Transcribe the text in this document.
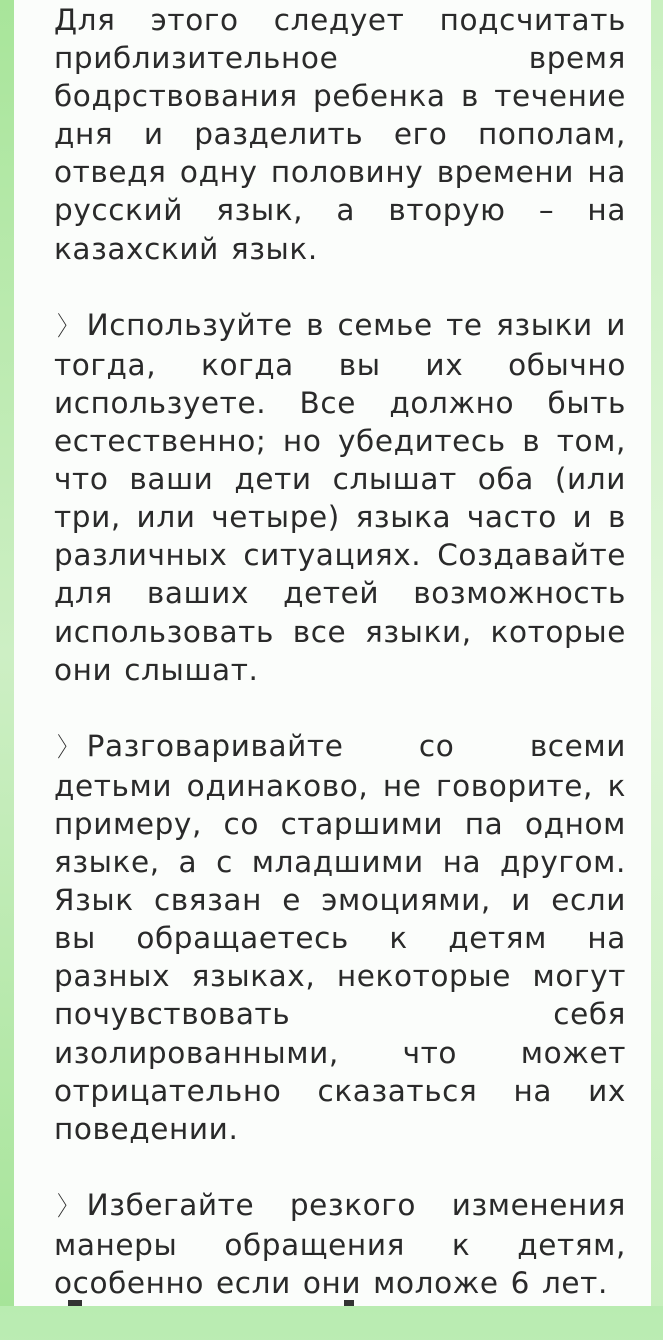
Для этого следует подсчитать приблизительное время бодрствования ребенка в течение дня и разделить его пополам, отведя одну половину времени на русский язык, а вторую – на казахский язык.

〉 Используйте в семье те языки и тогда, когда вы их обычно используете. Все должно быть естественно; но убедитесь в том, что ваши дети слышат оба (или три, или четыре) языка часто и в различных ситуациях. Создавайте для ваших детей возможность использовать все языки, которые они слышат.

〉 Разговаривайте со всеми детьми одинаково, не говорите, к примеру, со старшими па одном языке, а с младшими на другом. Язык связан е эмоциями, и если вы обращаетесь к детям на разных языках, некоторые могут почувствовать себя изолированными, что может отрицательно сказаться на их поведении.

〉 Избегайте резкого изменения манеры обращения к детям, особенно если они моложе 6 лет.
